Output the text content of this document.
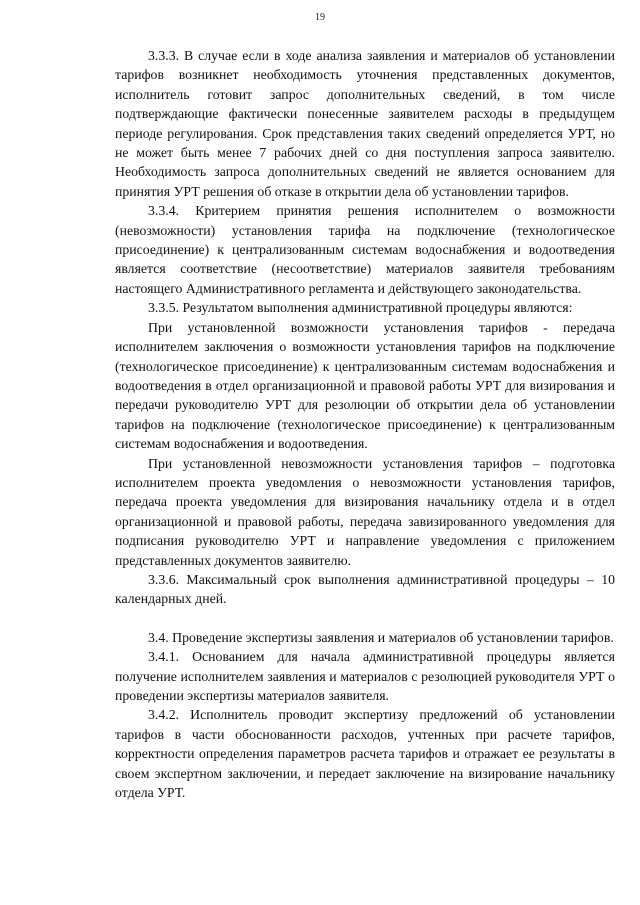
19

3.3.3. В случае если в ходе анализа заявления и материалов об установлении тарифов возникнет необходимость уточнения представленных документов, исполнитель готовит запрос дополнительных сведений, в том числе подтверждающие фактически понесенные заявителем расходы в предыдущем периоде регулирования. Срок представления таких сведений определяется УРТ, но не может быть менее 7 рабочих дней со дня поступления запроса заявителю. Необходимость запроса дополнительных сведений не является основанием для принятия УРТ решения об отказе в открытии дела об установлении тарифов.

3.3.4. Критерием принятия решения исполнителем о возможности (невозможности) установления тарифа на подключение (технологическое присоединение) к централизованным системам водоснабжения и водоотведения является соответствие (несоответствие) материалов заявителя требованиям настоящего Административного регламента и действующего законодательства.

3.3.5. Результатом выполнения административной процедуры являются:

При установленной возможности установления тарифов - передача исполнителем заключения о возможности установления тарифов на подключение (технологическое присоединение) к централизованным системам водоснабжения и водоотведения в отдел организационной и правовой работы УРТ для визирования и передачи руководителю УРТ для резолюции об открытии дела об установлении тарифов на подключение (технологическое присоединение) к централизованным системам водоснабжения и водоотведения.

При установленной невозможности установления тарифов – подготовка исполнителем проекта уведомления о невозможности установления тарифов, передача проекта уведомления для визирования начальнику отдела и в отдел организационной и правовой работы, передача завизированного уведомления для подписания руководителю УРТ и направление уведомления с приложением представленных документов заявителю.

3.3.6. Максимальный срок выполнения административной процедуры – 10 календарных дней.

3.4. Проведение экспертизы заявления и материалов об установлении тарифов.

3.4.1. Основанием для начала административной процедуры является получение исполнителем заявления и материалов с резолюцией руководителя УРТ о проведении экспертизы материалов заявителя.

3.4.2. Исполнитель проводит экспертизу предложений об установлении тарифов в части обоснованности расходов, учтенных при расчете тарифов, корректности определения параметров расчета тарифов и отражает ее результаты в своем экспертном заключении, и передает заключение на визирование начальнику отдела УРТ.
